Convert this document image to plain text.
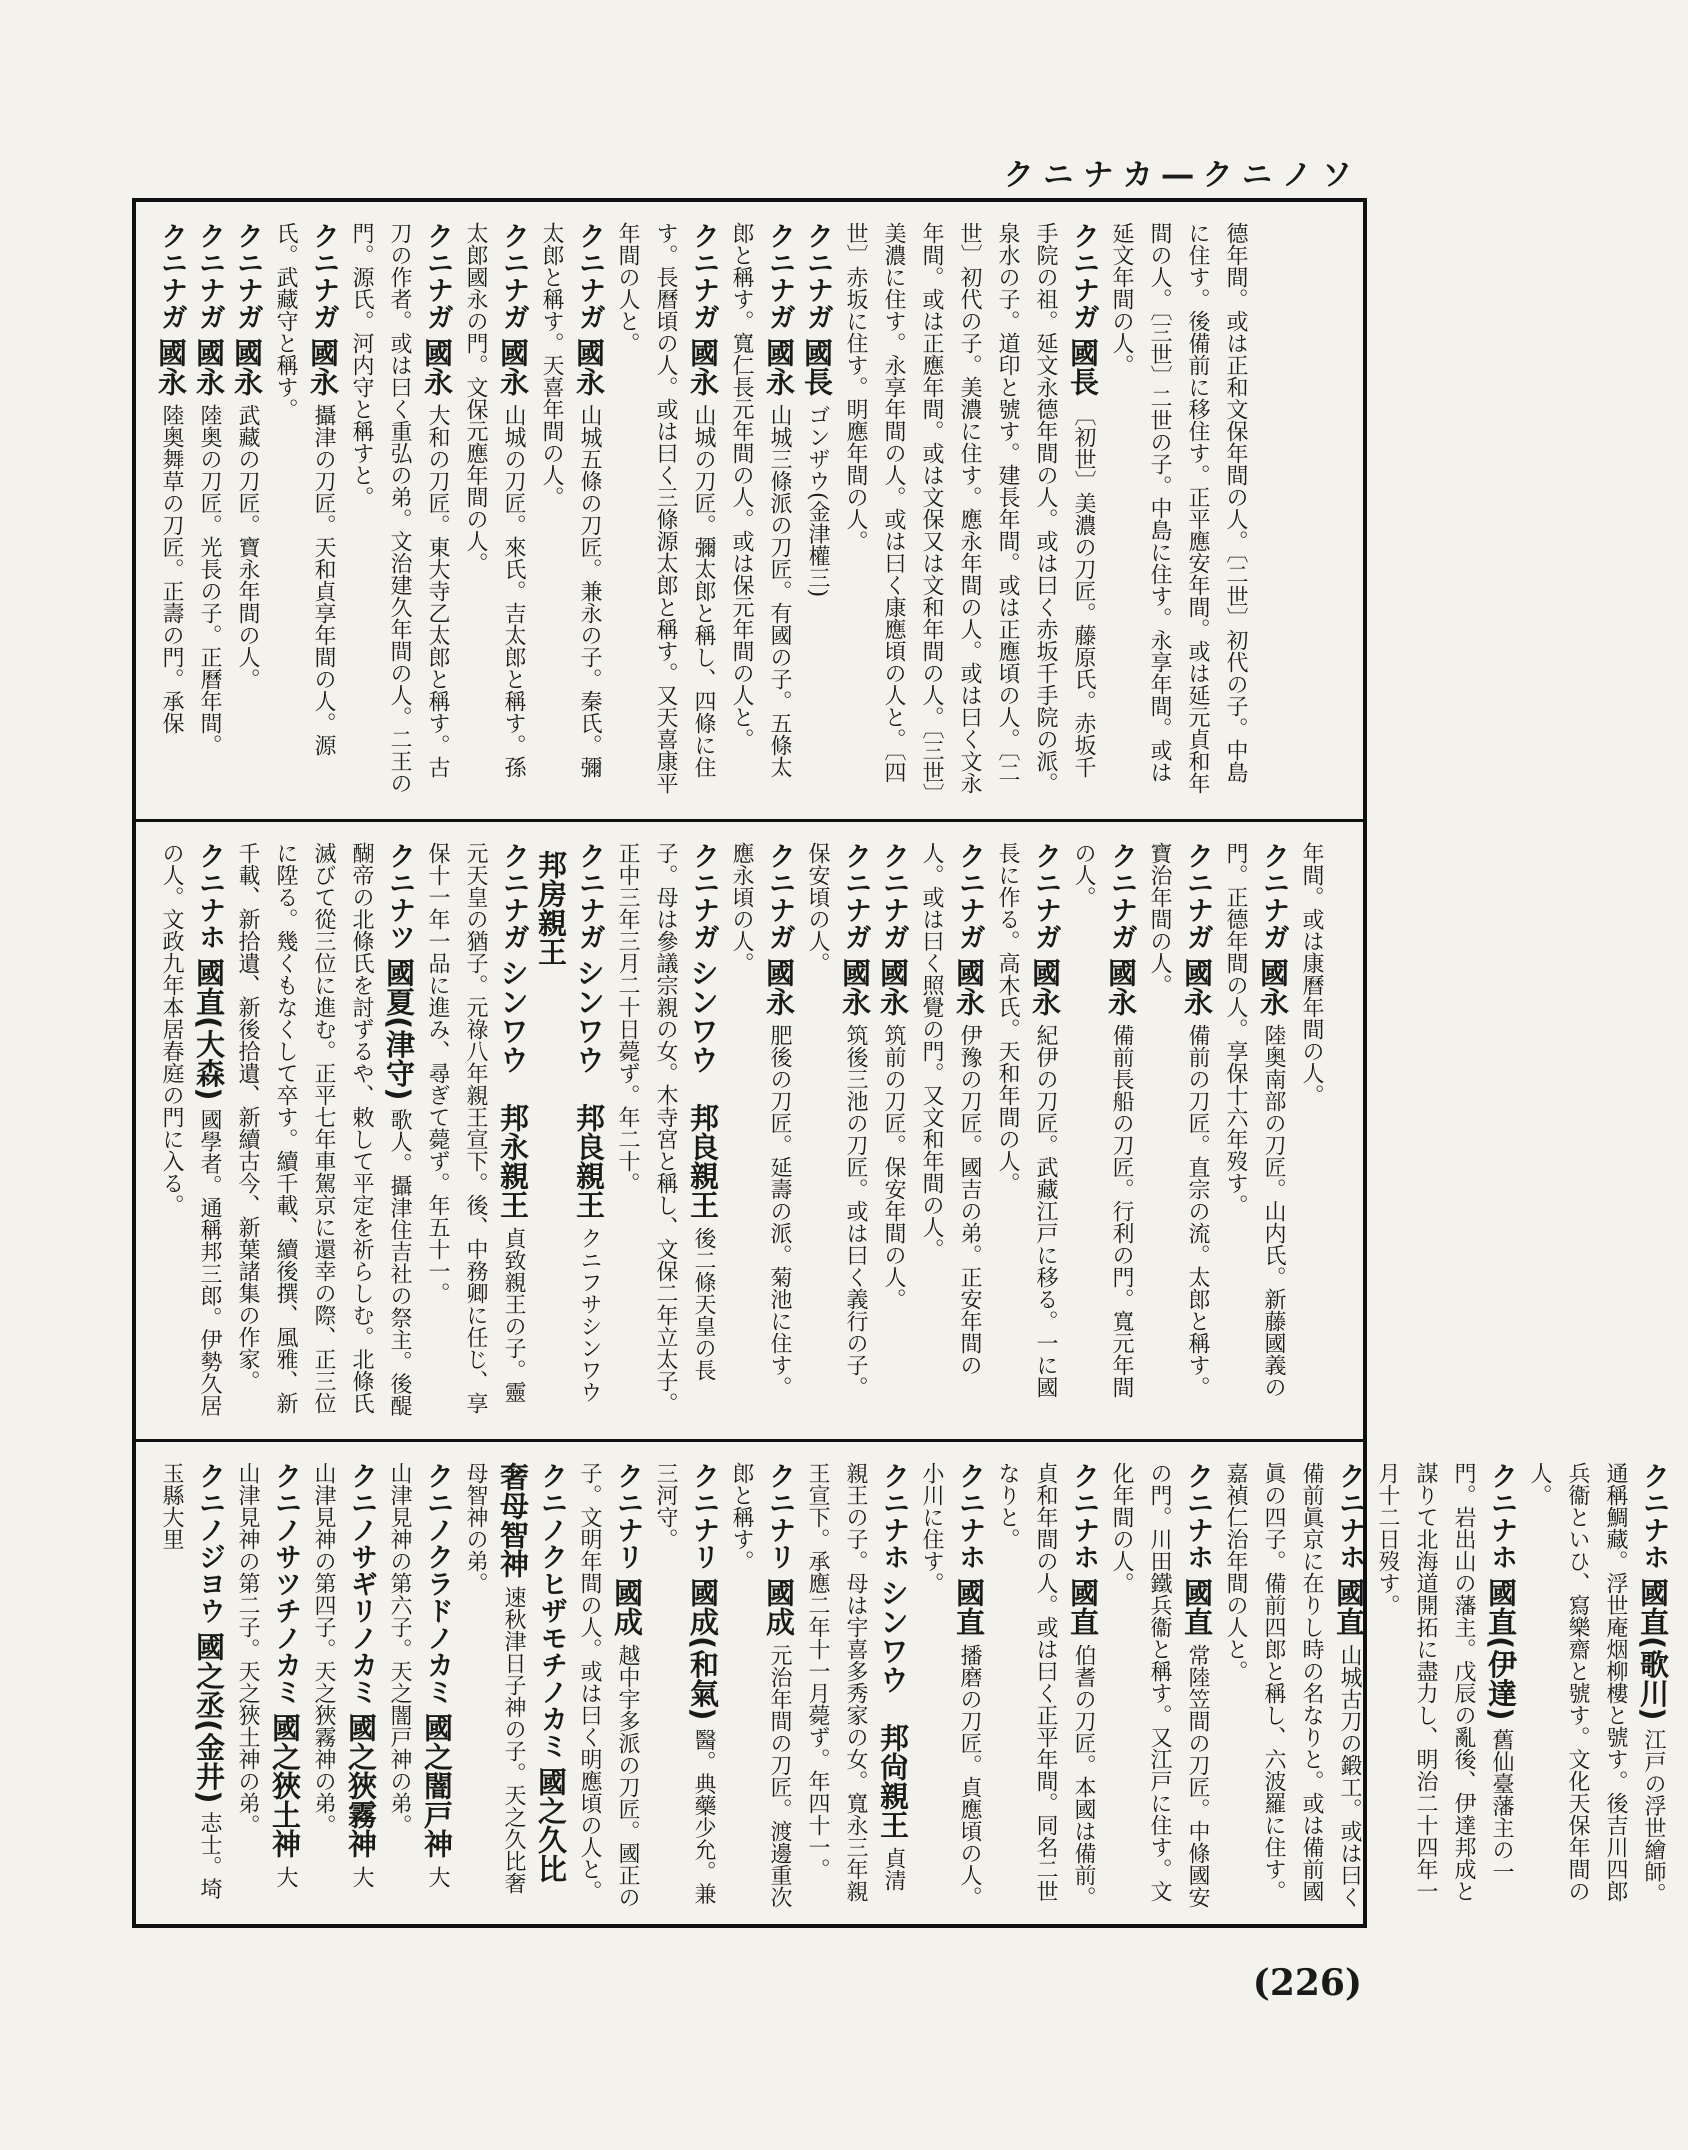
クニナカ―クニノソ

德年間。或は正和文保年間の人。〔二世〕初代の子。中島に住す。後備前に移住す。正平應安年間。或は延元貞和年間の人。〔三世〕二世の子。中島に住す。永享年間。或は延文年間の人。

クニナガ國長〔初世〕美濃の刀匠。藤原氏。赤坂千手院の祖。延文永德年間の人。或は曰く赤坂千手院の派。泉水の子。道印と號す。建長年間。或は正應頃の人。〔二世〕初代の子。美濃に住す。應永年間の人。或は曰く文永年間。或は正應年間。或は文保又は文和年間の人。〔三世〕美濃に住す。永享年間の人。或は曰く康應頃の人と。〔四世〕赤坂に住す。明應年間の人。

クニナガ國長ゴンザウ(金津權三)

クニナガ國永山城三條派の刀匠。有國の子。五條太郎と稱す。寬仁長元年間の人。或は保元年間の人と。

クニナガ國永山城の刀匠。彌太郎と稱し、四條に住す。長曆頃の人。或は曰く三條源太郎と稱す。又天喜康平年間の人と。

クニナガ國永山城五條の刀匠。兼永の子。秦氏。彌太郎と稱す。天喜年間の人。

クニナガ國永山城の刀匠。來氏。吉太郎と稱す。孫太郎國永の門。文保元應年間の人。

クニナガ國永大和の刀匠。東大寺乙太郎と稱す。古刀の作者。或は曰く重弘の弟。文治建久年間の人。二王の門。源氏。河内守と稱すと。

クニナガ國永攝津の刀匠。天和貞享年間の人。源氏。武藏守と稱す。

クニナガ國永武藏の刀匠。寶永年間の人。

クニナガ國永陸奥の刀匠。光長の子。正曆年間。

クニナガ國永陸奥舞草の刀匠。正壽の門。承保

年間。或は康曆年間の人。

クニナガ國永陸奥南部の刀匠。山内氏。新藤國義の門。正德年間の人。享保十六年歿す。

クニナガ國永備前の刀匠。直宗の流。太郎と稱す。寶治年間の人。

クニナガ國永備前長船の刀匠。行利の門。寬元年間の人。

クニナガ國永紀伊の刀匠。武藏江戸に移る。一に國長に作る。高木氏。天和年間の人。

クニナガ國永伊豫の刀匠。國吉の弟。正安年間の人。或は曰く照覺の門。又文和年間の人。

クニナガ國永筑前の刀匠。保安年間の人。

クニナガ國永筑後三池の刀匠。或は曰く義行の子。保安頃の人。

クニナガ國永肥後の刀匠。延壽の派。菊池に住す。應永頃の人。

クニナガシンワウ　邦良親王後二條天皇の長子。母は參議宗親の女。木寺宮と稱し、文保二年立太子。正中三年三月二十日薨ず。年二十。

クニナガシンワウ　邦良親王クニフサシンワウ

邦房親王

クニナガシンワウ　邦永親王貞致親王の子。靈元天皇の猶子。元祿八年親王宣下。後、中務卿に任じ、享保十一年一品に進み、尋ぎて薨ず。年五十一。

クニナツ國夏(津守)歌人。攝津住吉社の祭主。後醍醐帝の北條氏を討ずるや、敕して平定を祈らしむ。北條氏滅びて從三位に進む。正平七年車駕京に還幸の際、正三位に陞る。幾くもなくして卒す。續千載、續後撰、風雅、新千載、新拾遺、新後拾遺、新續古今、新葉諸集の作家。

クニナホ國直(大森)國學者。通稱邦三郎。伊勢久居の人。文政九年本居春庭の門に入る。

クニナホ國直(歌川)江戸の浮世繪師。通稱鯛藏。浮世庵烟柳樓と號す。後吉川四郎兵衞といひ、寫樂齋と號す。文化天保年間の人。

クニナホ國直(伊達)舊仙臺藩主の一門。岩出山の藩主。戊辰の亂後、伊達邦成と謀りて北海道開拓に盡力し、明治二十四年一月十二日歿す。

クニナホ國直山城古刀の鍛工。或は曰く備前眞京に在りし時の名なりと。或は備前國眞の四子。備前四郎と稱し、六波羅に住す。嘉禎仁治年間の人と。

クニナホ國直常陸笠間の刀匠。中條國安の門。川田鐵兵衞と稱す。又江戸に住す。文化年間の人。

クニナホ國直伯耆の刀匠。本國は備前。貞和年間の人。或は曰く正平年間。同名二世なりと。

クニナホ國直播磨の刀匠。貞應頃の人。小川に住す。

クニナホシンワウ　邦尙親王貞清親王の子。母は宇喜多秀家の女。寬永三年親王宣下。承應二年十一月薨ず。年四十一。

クニナリ國成元治年間の刀匠。渡邊重次郎と稱す。

クニナリ國成(和氣)醫。典藥少允。兼三河守。

クニナリ國成越中宇多派の刀匠。國正の子。文明年間の人。或は曰く明應頃の人と。

クニノクヒザモチノカミ國之久比奢母智神速秋津日子神の子。天之久比奢母智神の弟。

クニノクラドノカミ國之闇戸神大山津見神の第六子。天之闇戸神の弟。

クニノサギリノカミ國之狹霧神大山津見神の第四子。天之狹霧神の弟。

クニノサツチノカミ國之狹土神大山津見神の第二子。天之狹土神の弟。

クニノジヨウ國之丞(金井)志士。埼玉縣大里

(226)
